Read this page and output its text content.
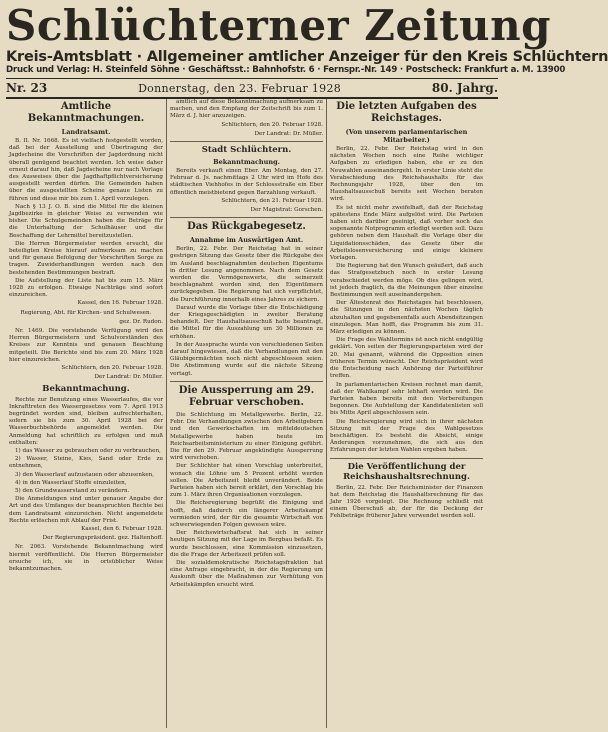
Schlüchterner Zeitung
Kreis-Amtsblatt · Allgemeiner amtlicher Anzeiger für den Kreis Schlüchtern
Druck und Verlag: H. Steinfeld Söhne · Geschäftsst.: Bahnhofstr. 6 · Fernspr.-Nr. 149 · Postscheck: Frankfurt a. M. 13900
Nr. 23	Donnerstag, den 23. Februar 1928	80. Jahrg.
Amtliche Bekanntmachungen.
Landratsamt.

B. II. Nr. 1668. Es ist vielfach festgestellt worden, daß bei der Ausstellung und Übertragung der Jagdscheine die Vorschriften der Jagdordnung nicht überall genügend beachtet werden. Ich weise daher erneut darauf hin, daß Jagdscheine nur nach Vorlage des Ausweises über die Jagdhaftpflichtversicherung ausgestellt werden dürfen. Die Gemeinden haben über die ausgestellten Scheine genaue Listen zu führen und diese mir bis zum 1. April vorzulegen.

Nach § 13 J. O. B. sind die Mittel für die kleinen Jagdbezirke in gleicher Weise zu verwenden wie bisher. Die Schulgemeinden haben die Beträge für die Unterhaltung der Schulhäuser und die Beschaffung der Lehrmittel bereitzustellen.

Die Herren Bürgermeister werden ersucht, die beteiligten Kreise hierauf aufmerksam zu machen und für genaue Befolgung der Vorschriften Sorge zu tragen. Zuwiderhandlungen werden nach den bestehenden Bestimmungen bestraft.

Die Aufstellung der Liste hat bis zum 15. März 1928 zu erfolgen. Etwaige Nachträge sind sofort einzureichen.

Kassel, den 16. Februar 1928.

Regierung, Abt. für Kirchen- und Schulwesen.

gez. Dr. Rudon.

Nr. 1469. Die vorstehende Verfügung wird den Herren Bürgermeistern und Schulvorständen des Kreises zur Kenntnis und genauen Beachtung mitgeteilt. Die Berichte sind bis zum 20. März 1928 hier einzureichen.

Schlüchtern, den 20. Februar 1928.

Der Landrat: Dr. Müller.

Bekanntmachung.

Rechte zur Benutzung eines Wasserlaufes, die vor Inkrafttreten des Wassergesetzes vom 7. April 1913 begründet worden sind, bleiben aufrechterhalten, sofern sie bis zum 30. April 1928 bei der Wasserbuchbehörde angemeldet werden. Die Anmeldung hat schriftlich zu erfolgen und muß enthalten:

1) das Wasser zu gebrauchen oder zu verbrauchen,

2) Wasser, Steine, Kies, Sand oder Erde zu entnehmen,

3) den Wasserlauf aufzustauen oder abzusenken,

4) in den Wasserlauf Stoffe einzuleiten,

5) den Grundwasserstand zu verändern.

Die Anmeldungen sind unter genauer Angabe der Art und des Umfanges der beanspruchten Rechte bei dem Landratsamt einzureichen. Nicht angemeldete Rechte erlöschen mit Ablauf der Frist.

Kassel, den 6. Februar 1928.

Der Regierungspräsident. gez. Haltenhoff.

Nr. 2063. Vorstehende Bekanntmachung wird hiermit veröffentlicht. Die Herren Bürgermeister ersuche ich, sie in ortsüblicher Weise bekanntzumachen.

amtlich auf diese Bekanntmachung aufmerksam zu machen, und den Empfang der Zeitschrift bis zum 1. März d. J. hier anzuzeigen.

Schlüchtern, den 20. Februar 1928.

Der Landrat: Dr. Müller.

Stadt Schlüchtern.
Bekanntmachung.

Bereits verkauft einen Eber. Am Montag, den 27. Februar d. Js. nachmittags 2 Uhr wird im Hofe des städtischen Viehhofes in der Schlossstraße ein Eber öffentlich meistbietend gegen Barzahlung verkauft.

Schlüchtern, den 21. Februar 1928.

Der Magistrat: Gorschen.

Das Rückgabegesetz.
Annahme im Auswärtigen Amt.

Berlin, 22. Febr. Der Reichstag hat in seiner gestrigen Sitzung das Gesetz über die Rückgabe des im Ausland beschlagnahmten deutschen Eigentums in dritter Lesung angenommen. Nach dem Gesetz werden die Vermögenswerte, die seinerzeit beschlagnahmt worden sind, den Eigentümern zurückgegeben. Die Regierung hat sich verpflichtet, die Durchführung innerhalb eines Jahres zu sichern.

Darauf wurde die Vorlage über die Entschädigung der Kriegsgeschädigten in zweiter Beratung behandelt. Der Haushaltsausschuß hatte beantragt, die Mittel für die Auszahlung um 30 Millionen zu erhöhen.

In der Aussprache wurde von verschiedenen Seiten darauf hingewiesen, daß die Verhandlungen mit den Gläubigermächten noch nicht abgeschlossen seien. Die Abstimmung wurde auf die nächste Sitzung vertagt.

Die Aussperrung am 29. Februar verschoben.

Die Schlichtung im Metallgewerbe. Berlin, 22. Febr. Die Verhandlungen zwischen den Arbeitgebern und den Gewerkschaften im mitteldeutschen Metallgewerbe haben heute im Reichsarbeitsministerium zu einer Einigung geführt. Die für den 29. Februar angekündigte Aussperrung wird verschoben.

Der Schlichter hat einen Vorschlag unterbreitet, wonach die Löhne um 5 Prozent erhöht werden sollen. Die Arbeitszeit bleibt unverändert. Beide Parteien haben sich bereit erklärt, den Vorschlag bis zum 1. März ihren Organisationen vorzulegen.

Die Reichsregierung begrüßt die Einigung und hofft, daß dadurch ein längerer Arbeitskampf vermieden wird, der für die gesamte Wirtschaft von schwerwiegenden Folgen gewesen wäre.

Der Reichswirtschaftsrat hat sich in seiner heutigen Sitzung mit der Lage im Bergbau befaßt. Es wurde beschlossen, eine Kommission einzusetzen, die die Frage der Arbeitszeit prüfen soll.

Die sozialdemokratische Reichstagsfraktion hat eine Anfrage eingebracht, in der die Regierung um Auskunft über die Maßnahmen zur Verhütung von Arbeitskämpfen ersucht wird.

Die letzten Aufgaben des Reichstages.
(Von unserem parlamentarischen Mitarbeiter.)

Berlin, 22. Febr. Der Reichstag wird in den nächsten Wochen noch eine Reihe wichtiger Aufgaben zu erledigen haben, ehe er zu den Neuwahlen auseinandergeht. In erster Linie steht die Verabschiedung des Reichshaushalts für das Rechnungsjahr 1928, über den im Haushaltsausschuß bereits seit Wochen beraten wird.

Es ist nicht mehr zweifelhaft, daß der Reichstag spätestens Ende März aufgelöst wird. Die Parteien haben sich darüber geeinigt, daß vorher noch das sogenannte Notprogramm erledigt werden soll. Dazu gehören neben dem Haushalt die Vorlage über die Liquidationsschäden, das Gesetz über die Arbeitslosenversicherung und einige kleinere Vorlagen.

Die Regierung hat den Wunsch geäußert, daß auch das Strafgesetzbuch noch in erster Lesung verabschiedet werden möge. Ob dies gelingen wird, ist jedoch fraglich, da die Meinungen über einzelne Bestimmungen weit auseinandergehen.

Der Ältestenrat des Reichstages hat beschlossen, die Sitzungen in den nächsten Wochen täglich abzuhalten und gegebenenfalls auch Abendsitzungen einzulegen. Man hofft, das Programm bis zum 31. März erledigen zu können.

Die Frage des Wahltermins ist noch nicht endgültig geklärt. Von seiten der Regierungsparteien wird der 20. Mai genannt, während die Opposition einen früheren Termin wünscht. Der Reichspräsident wird die Entscheidung nach Anhörung der Parteiführer treffen.

In parlamentarischen Kreisen rechnet man damit, daß der Wahlkampf sehr lebhaft werden wird. Die Parteien haben bereits mit den Vorbereitungen begonnen. Die Aufstellung der Kandidatenlisten soll bis Mitte April abgeschlossen sein.

Die Reichsregierung wird sich in ihrer nächsten Sitzung mit der Frage des Wahlgesetzes beschäftigen. Es besteht die Absicht, einige Änderungen vorzunehmen, die sich aus den Erfahrungen der letzten Wahlen ergeben haben.

Die Veröffentlichung der Reichshaushaltsrechnung.

Berlin, 22. Febr. Der Reichsminister der Finanzen hat dem Reichstag die Haushaltsrechnung für das Jahr 1926 vorgelegt. Die Rechnung schließt mit einem Überschuß ab, der für die Deckung der Fehlbeträge früherer Jahre verwendet werden soll.
